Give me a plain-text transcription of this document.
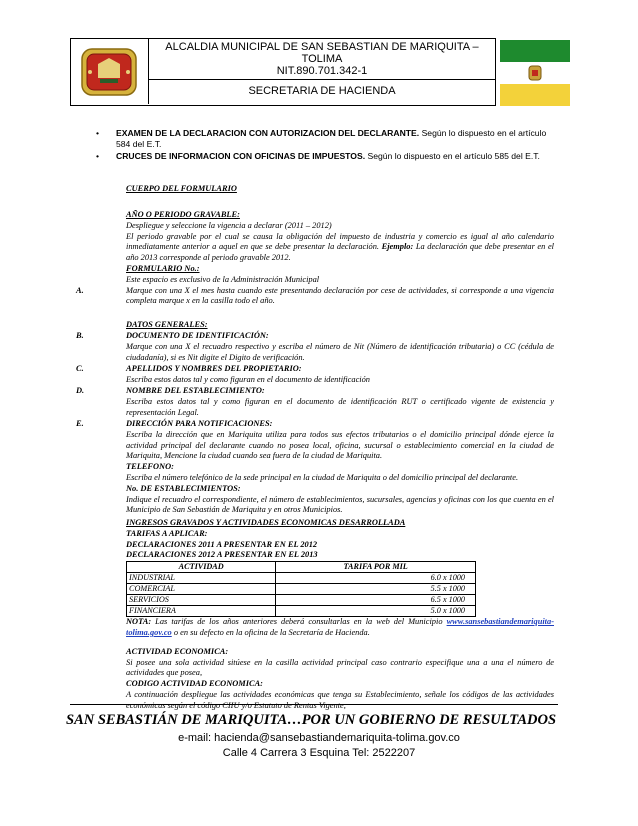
ALCALDIA MUNICIPAL DE SAN SEBASTIAN DE MARIQUITA –
TOLIMA
NIT.890.701.342-1
SECRETARIA DE HACIENDA
• EXAMEN DE LA DECLARACION CON AUTORIZACION DEL DECLARANTE. Según lo dispuesto en el artículo 584 del E.T.
• CRUCES DE INFORMACION CON OFICINAS DE IMPUESTOS. Según lo dispuesto en el artículo 585 del E.T.
CUERPO DEL FORMULARIO
AÑO O PERIODO GRAVABLE:
Despliegue y seleccione la vigencia a declarar (2011 – 2012)
El periodo gravable por el cual se causa la obligación del impuesto de industria y comercio es igual al año calendario inmediatamente anterior a aquel en que se debe presentar la declaración. Ejemplo: La declaración que debe presentar en el año 2013 corresponde al periodo gravable 2012.
FORMULARIO No.:
Este espacio es exclusivo de la Administración Municipal
Marque con una X el mes hasta cuando este presentando declaración por cese de actividades, si corresponde a una vigencia completa marque x en la casilla todo el año.
A.
DATOS GENERALES:
DOCUMENTO DE IDENTIFICACIÓN:
Marque con una X el recuadro respectivo y escriba el número de Nit (Número de identificación tributaria) o CC (cédula de ciudadanía), si es Nit digite el Digito de verificación.
B.
APELLIDOS Y NOMBRES DEL PROPIETARIO:
Escriba estos datos tal y como figuran en el documento de identificación
C.
NOMBRE DEL ESTABLECIMIENTO:
Escriba estos datos tal y como figuran en el documento de identificación RUT o certificado vigente de existencia y representación Legal.
D.
DIRECCIÓN PARA NOTIFICACIONES:
Escriba la dirección que en Mariquita utiliza para todos sus efectos tributarios o el domicilio principal dónde ejerce la actividad principal del declarante cuando no posea local, oficina, sucursal o establecimiento comercial en la ciudad de Mariquita, Mencione la ciudad cuando sea fuera de la ciudad de Mariquita.
TELEFONO:
Escriba el número telefónico de la sede principal en la ciudad de Mariquita o del domicilio principal del declarante.
No. DE ESTABLECIMIENTOS:
Indique el recuadro el correspondiente, el número de establecimientos, sucursales, agencias y oficinas con los que cuenta en el Municipio de San Sebastián de Mariquita y en otros Municipios.
E.
INGRESOS GRAVADOS Y ACTIVIDADES ECONOMICAS DESARROLLADA
TARIFAS A APLICAR:
DECLARACIONES 2011 A PRESENTAR EN EL 2012
DECLARACIONES 2012 A PRESENTAR EN EL 2013
ACTIVIDAD	TARIFA POR MIL
INDUSTRIAL	6.0 x 1000
COMERCIAL	5.5 x 1000
SERVICIOS	6.5 x 1000
FINANCIERA	5.0 x 1000
NOTA: Las tarifas de los años anteriores deberá consultarlas en la web del Municipio www.sansebastiandemariquita-tolima.gov.co o en su defecto en la oficina de la Secretaría de Hacienda.
ACTIVIDAD ECONOMICA:
Si posee una sola actividad sitúese en la casilla actividad principal caso contrario especifique una a una el número de actividades que posea,
CODIGO ACTIVIDAD ECONOMICA:
A continuación despliegue las actividades económicas que tenga su Establecimiento, señale los códigos de las actividades económicas según el código CIIU y/o Estatuto de Rentas Vigente,
SAN SEBASTIÁN DE MARIQUITA…POR UN GOBIERNO DE RESULTADOS
e-mail: hacienda@sansebastiandemariquita-tolima.gov.co
Calle 4 Carrera 3 Esquina Tel: 2522207
